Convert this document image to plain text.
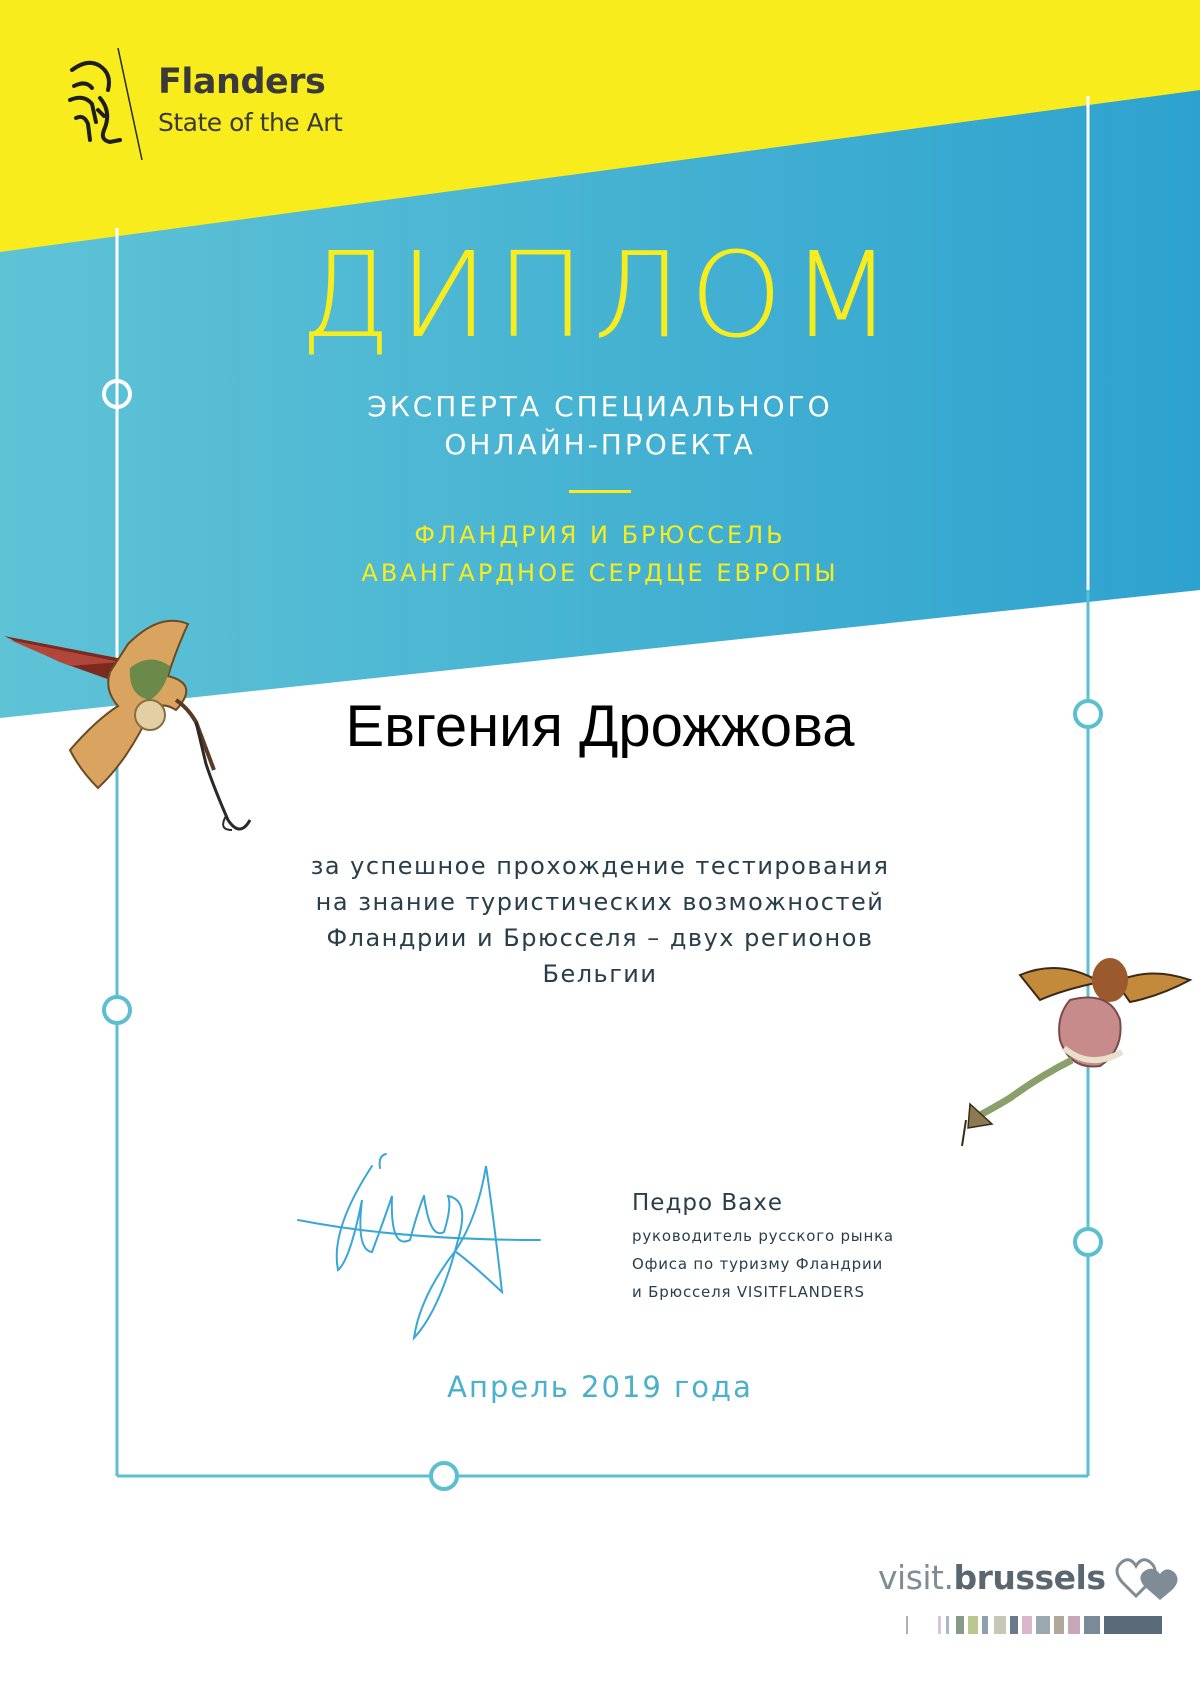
Flanders
State of the Art
ДИПЛОМ
ЭКСПЕРТА СПЕЦИАЛЬНОГО
ОНЛАЙН-ПРОЕКТА
ФЛАНДРИЯ И БРЮССЕЛЬ
АВАНГАРДНОЕ СЕРДЦЕ ЕВРОПЫ
Евгения Дрожжова
за успешное прохождение тестирования
на знание туристических возможностей
Фландрии и Брюсселя – двух регионов
Бельгии
Педро Вахе
руководитель русского рынка
Офиса по туризму Фландрии
и Брюсселя VISITFLANDERS
Апрель 2019 года
visit.brussels
